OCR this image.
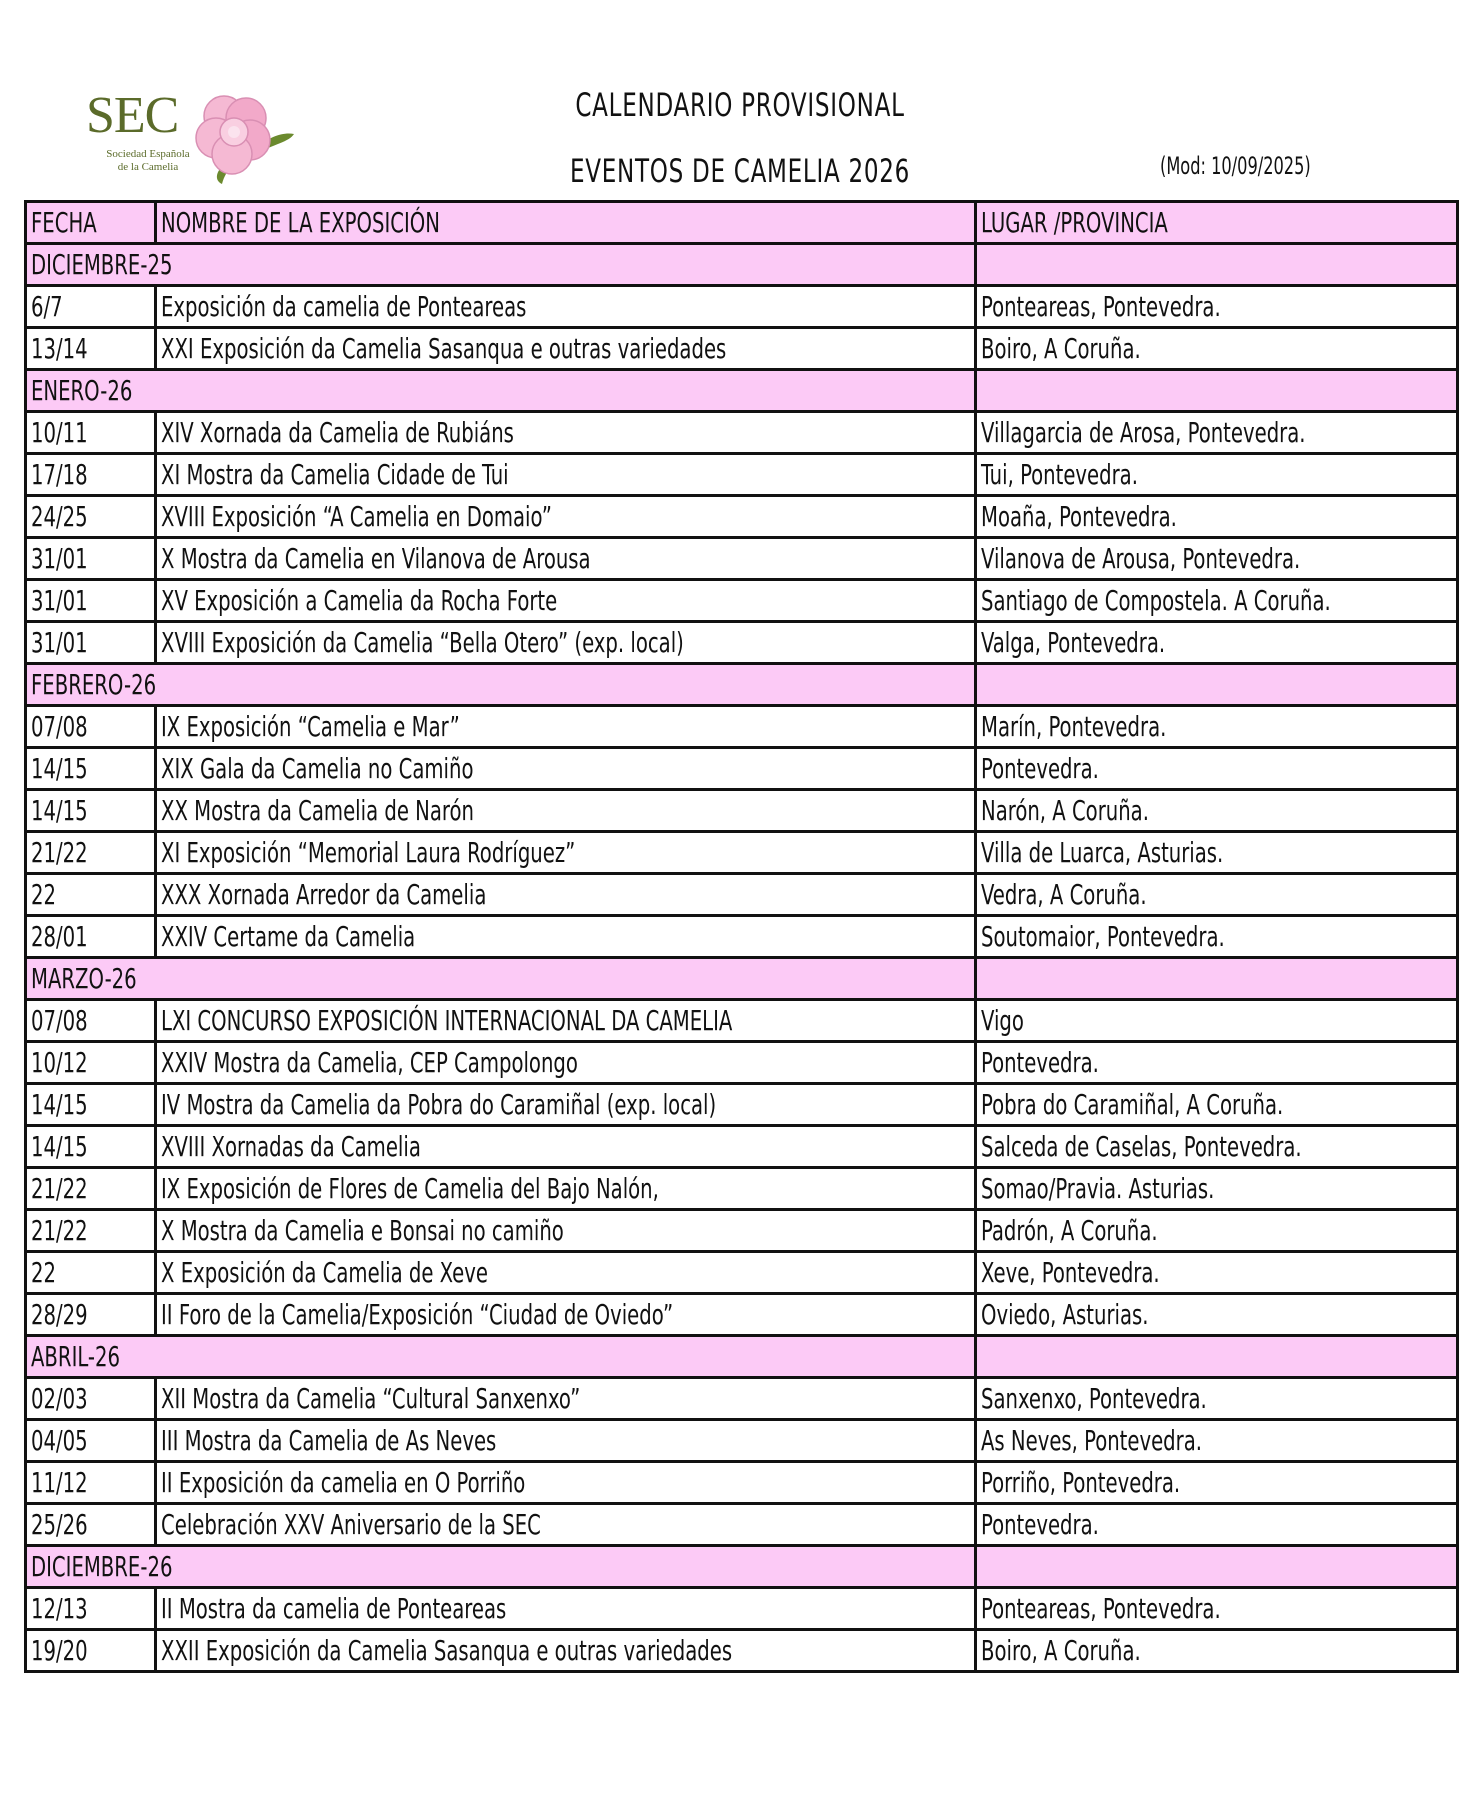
SEC
Sociedad Española
de la Camelia
CALENDARIO PROVISIONAL
EVENTOS DE CAMELIA 2026	(Mod: 10/09/2025)
FECHA	NOMBRE DE LA EXPOSICIÓN	LUGAR /PROVINCIA
DICIEMBRE-25		
6/7	Exposición da camelia de Ponteareas	Ponteareas, Pontevedra.
13/14	XXI Exposición da Camelia Sasanqua e outras variedades	Boiro, A Coruña.
ENERO-26		
10/11	XIV Xornada da Camelia de Rubiáns	Villagarcia de Arosa, Pontevedra.
17/18	XI Mostra da Camelia Cidade de Tui	Tui, Pontevedra.
24/25	XVIII Exposición “A Camelia en Domaio”	Moaña, Pontevedra.
31/01	X Mostra da Camelia en Vilanova de Arousa	Vilanova de Arousa, Pontevedra.
31/01	XV Exposición a Camelia da Rocha Forte	Santiago de Compostela. A Coruña.
31/01	XVIII Exposición da Camelia “Bella Otero” (exp. local)	Valga, Pontevedra.
FEBRERO-26		
07/08	IX Exposición “Camelia e Mar”	Marín, Pontevedra.
14/15	XIX Gala da Camelia no Camiño	Pontevedra.
14/15	XX Mostra da Camelia de Narón	Narón, A Coruña.
21/22	XI Exposición “Memorial Laura Rodríguez”	Villa de Luarca, Asturias.
22	XXX Xornada Arredor da Camelia	Vedra, A Coruña.
28/01	XXIV Certame da Camelia	Soutomaior, Pontevedra.
MARZO-26		
07/08	LXI CONCURSO EXPOSICIÓN INTERNACIONAL DA CAMELIA	Vigo
10/12	XXIV Mostra da Camelia, CEP Campolongo	Pontevedra.
14/15	IV Mostra da Camelia da Pobra do Caramiñal (exp. local)	Pobra do Caramiñal, A Coruña.
14/15	XVIII Xornadas da Camelia	Salceda de Caselas, Pontevedra.
21/22	IX Exposición de Flores de Camelia del Bajo Nalón,	Somao/Pravia. Asturias.
21/22	X Mostra da Camelia e Bonsai no camiño	Padrón, A Coruña.
22	X Exposición da Camelia de Xeve	Xeve, Pontevedra.
28/29	II Foro de la Camelia/Exposición “Ciudad de Oviedo”	Oviedo, Asturias.
ABRIL-26		
02/03	XII Mostra da Camelia “Cultural Sanxenxo”	Sanxenxo, Pontevedra.
04/05	III Mostra da Camelia de As Neves	As Neves, Pontevedra.
11/12	II Exposición da camelia en O Porriño	Porriño, Pontevedra.
25/26	Celebración XXV Aniversario de la SEC	Pontevedra.
DICIEMBRE-26		
12/13	II Mostra da camelia de Ponteareas	Ponteareas, Pontevedra.
19/20	XXII Exposición da Camelia Sasanqua e outras variedades	Boiro, A Coruña.
